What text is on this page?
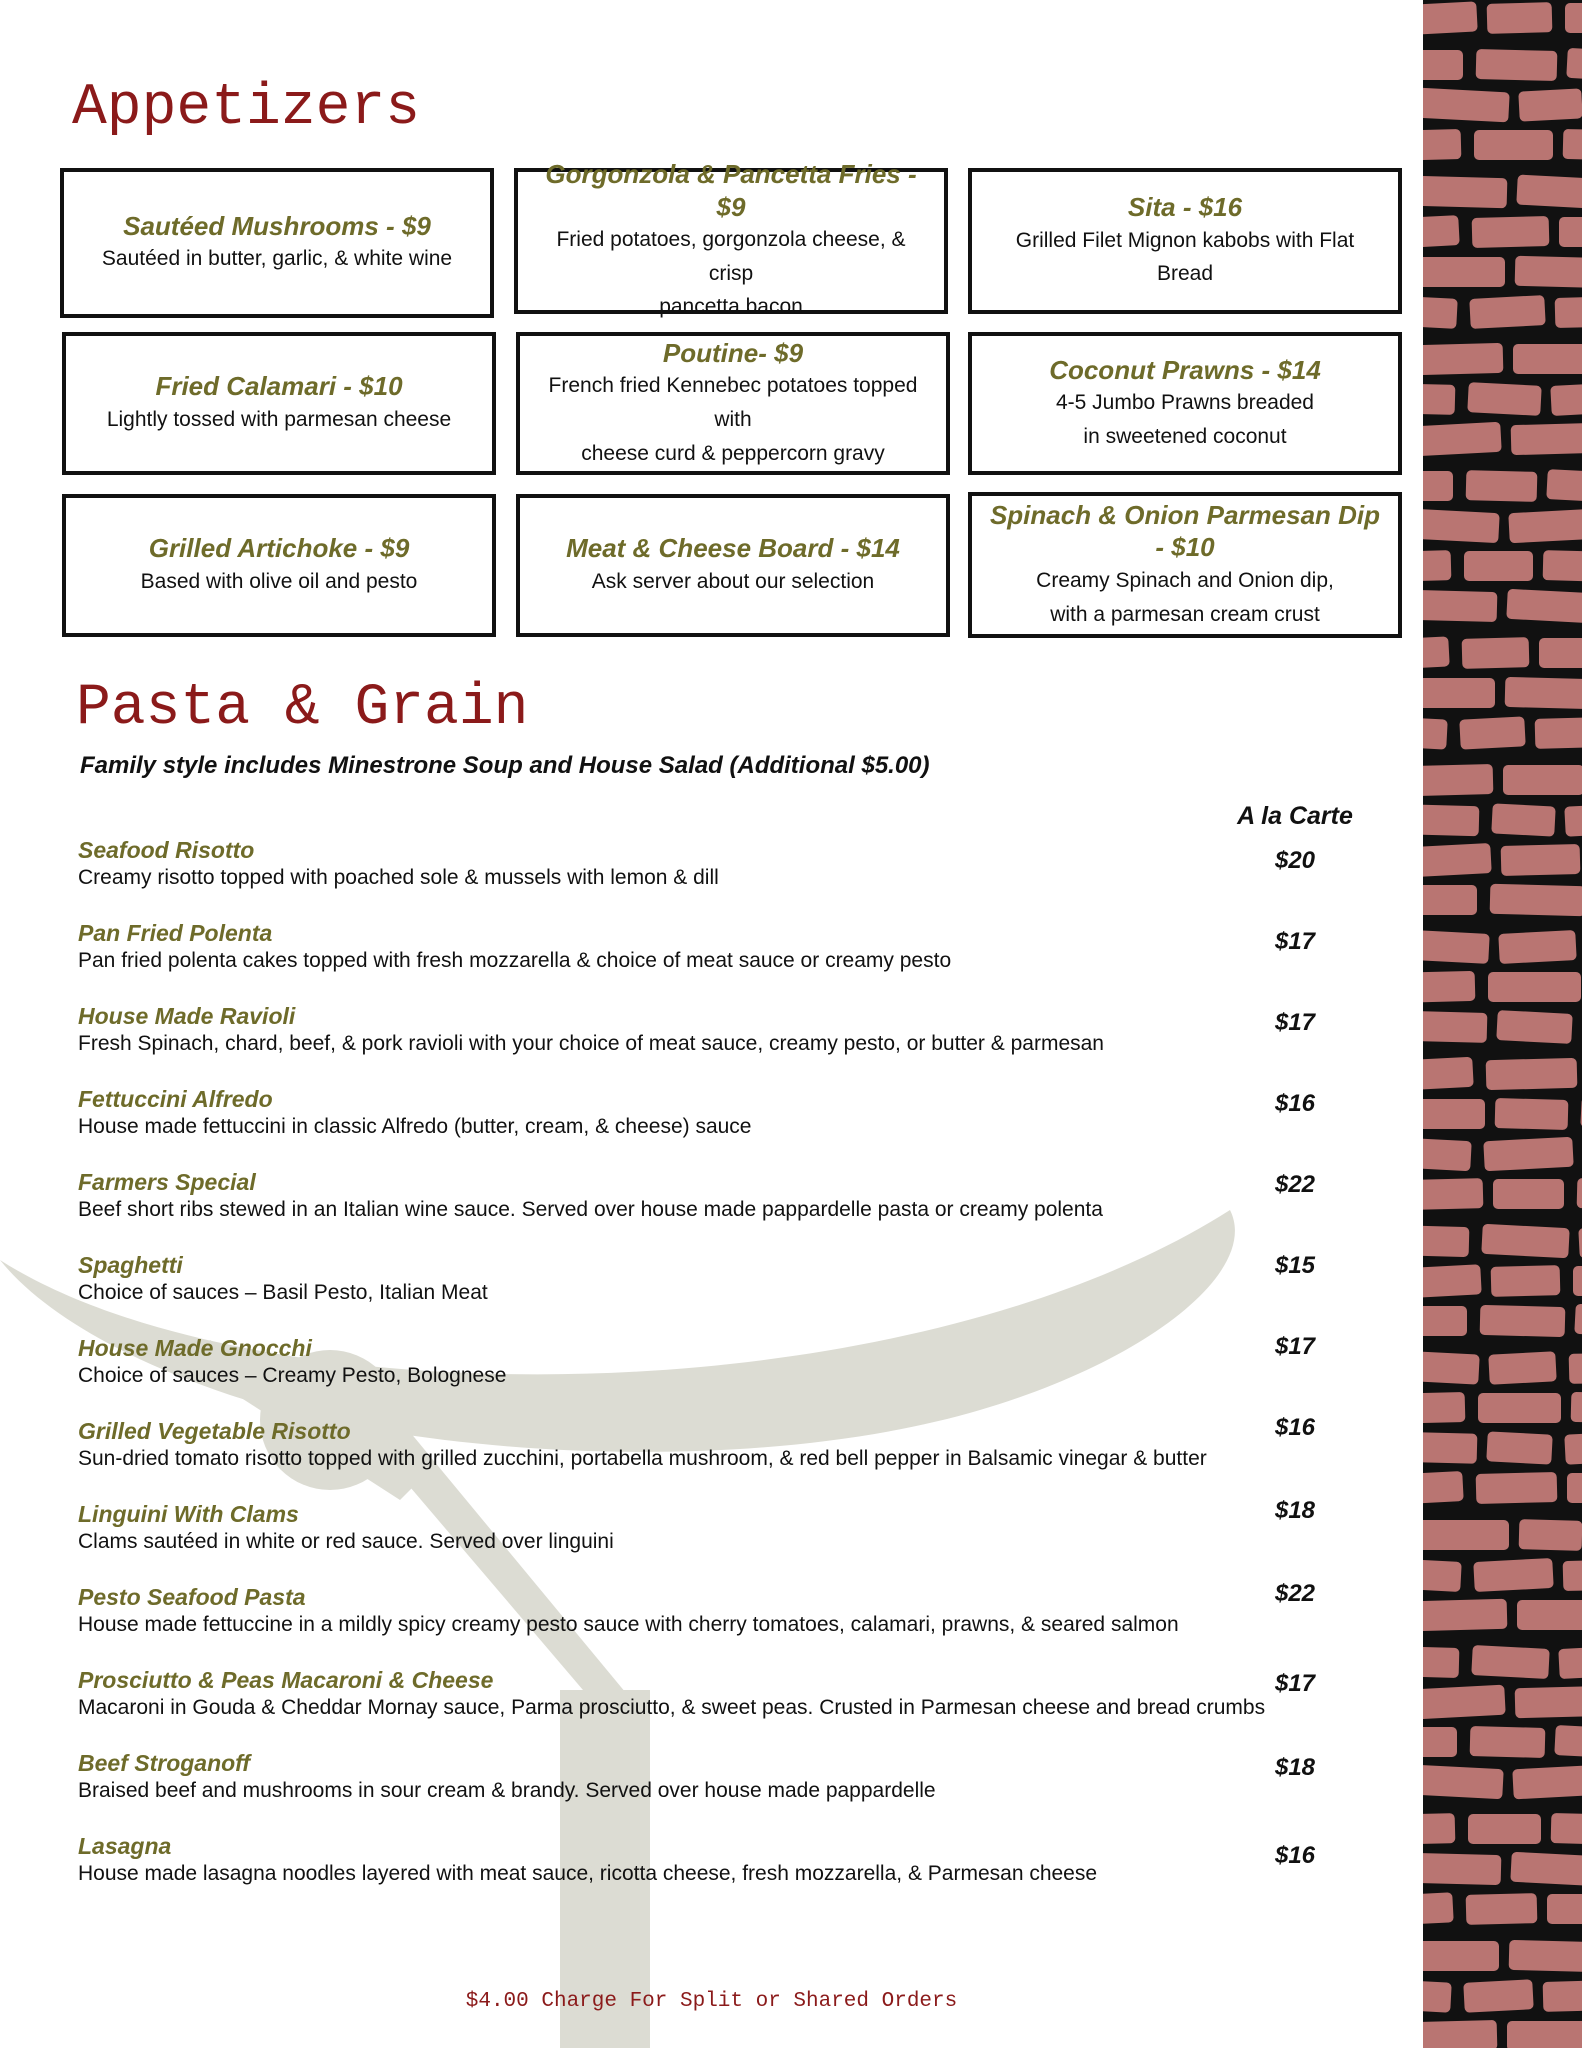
Appetizers
Sautéed Mushrooms - $9
Sautéed in butter, garlic, & white wine
Gorgonzola & Pancetta Fries - $9
Fried potatoes, gorgonzola cheese, & crisp
pancetta bacon
Sita - $16
Grilled Filet Mignon kabobs with Flat Bread
Fried Calamari - $10
Lightly tossed with parmesan cheese
Poutine- $9
French fried Kennebec potatoes topped with
cheese curd & peppercorn gravy
Coconut Prawns - $14
4-5 Jumbo Prawns breaded
in sweetened coconut
Grilled Artichoke - $9
Based with olive oil and pesto
Meat & Cheese Board - $14
Ask server about our selection
Spinach & Onion Parmesan Dip - $10
Creamy Spinach and Onion dip,
with a parmesan cream crust
Pasta & Grain

Family style includes Minestrone Soup and House Salad (Additional $5.00)

A la Carte
Seafood Risotto
Creamy risotto topped with poached sole & mussels with lemon & dill
$20
Pan Fried Polenta
Pan fried polenta cakes topped with fresh mozzarella & choice of meat sauce or creamy pesto
$17
House Made Ravioli
Fresh Spinach, chard, beef, & pork ravioli with your choice of meat sauce, creamy pesto, or butter & parmesan
$17
Fettuccini Alfredo
House made fettuccini in classic Alfredo (butter, cream, & cheese) sauce
$16
Farmers Special
Beef short ribs stewed in an Italian wine sauce. Served over house made pappardelle pasta or creamy polenta
$22
Spaghetti
Choice of sauces – Basil Pesto, Italian Meat
$15
House Made Gnocchi
Choice of sauces – Creamy Pesto, Bolognese
$17
Grilled Vegetable Risotto
Sun-dried tomato risotto topped with grilled zucchini, portabella mushroom, & red bell pepper in Balsamic vinegar & butter
$16
Linguini With Clams
Clams sautéed in white or red sauce. Served over linguini
$18
Pesto Seafood Pasta
House made fettuccine in a mildly spicy creamy pesto sauce with cherry tomatoes, calamari, prawns, & seared salmon
$22
Prosciutto & Peas Macaroni & Cheese
Macaroni in Gouda & Cheddar Mornay sauce, Parma prosciutto, & sweet peas. Crusted in Parmesan cheese and bread crumbs
$17
Beef Stroganoff
Braised beef and mushrooms in sour cream & brandy. Served over house made pappardelle
$18
Lasagna
House made lasagna noodles layered with meat sauce, ricotta cheese, fresh mozzarella, & Parmesan cheese
$16

$4.00 Charge For Split or Shared Orders
